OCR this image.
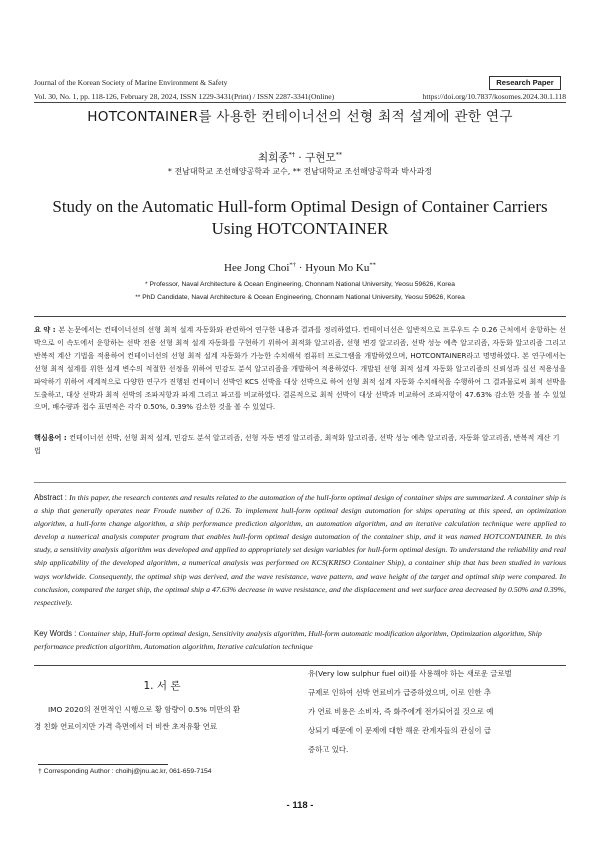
Journal of the Korean Society of Marine Environment & Safety	Research Paper
Vol. 30, No. 1, pp. 118-126, February 28, 2024, ISSN 1229-3431(Print) / ISSN 2287-3341(Online)	https://doi.org/10.7837/kosomes.2024.30.1.118
HOTCONTAINER를 사용한 컨테이너선의 선형 최적 설계에 관한 연구
최희종*† · 구현모**
* 전남대학교 조선해양공학과 교수, ** 전남대학교 조선해양공학과 박사과정
Study on the Automatic Hull-form Optimal Design of Container Carriers
Using HOTCONTAINER
Hee Jong Choi*† · Hyoun Mo Ku**
* Professor, Naval Architecture & Ocean Engineering, Chonnam National University, Yeosu 59626, Korea
** PhD Candidate, Naval Architecture & Ocean Engineering, Chonnam National University, Yeosu 59626, Korea
요 약 : 본 논문에서는 컨테이너선의 선형 최적 설계 자동화와 관련하여 연구한 내용과 결과를 정리하였다. 컨테이너선은 일반적으로 프루우드 수 0.26 근처에서 운항하는 선박으로 이 속도에서 운항하는 선박 전용 선형 최적 설계 자동화를 구현하기 위하여 최적화 알고리즘, 선형 변경 알고리즘, 선박 성능 예측 알고리즘, 자동화 알고리즘 그리고 반복적 계산 기법을 적용하여 컨테이너선의 선형 최적 설계 자동화가 가능한 수치해석 컴퓨터 프로그램을 개발하였으며, HOTCONTAINER라고 명명하였다. 본 연구에서는 선형 최적 설계를 위한 설계 변수의 적절한 선정을 위하여 민감도 분석 알고리즘을 개발하여 적용하였다. 개발된 선형 최적 설계 자동화 알고리즘의 신뢰성과 실선 적용성을 파악하기 위하여 세계적으로 다양한 연구가 진행된 컨테이너 선박인 KCS 선박을 대상 선박으로 하여 선형 최적 설계 자동화 수치해석을 수행하여 그 결과물로써 최적 선박을 도출하고, 대상 선박과 최적 선박의 조파저항과 파계 그리고 파고를 비교하였다. 결론적으로 최적 선박이 대상 선박과 비교하여 조파저항이 47.63% 감소한 것을 볼 수 있었으며, 배수량과 접수 표면적은 각각 0.50%, 0.39% 감소한 것을 볼 수 있었다.
핵심용어 : 컨테이너선 선박, 선형 최적 설계, 민감도 분석 알고리즘, 선형 자동 변경 알고리즘, 최적화 알고리즘, 선박 성능 예측 알고리즘, 자동화 알고리즘, 반복적 계산 기법
Abstract : In this paper, the research contents and results related to the automation of the hull-form optimal design of container ships are summarized. A container ship is a ship that generally operates near Froude number of 0.26. To implement hull-form optimal design automation for ships operating at this speed, an optimization algorithm, a hull-form change algorithm, a ship performance prediction algorithm, an automation algorithm, and an iterative calculation technique were applied to develop a numerical analysis computer program that enables hull-form optimal design automation of the container ship, and it was named HOTCONTAINER. In this study, a sensitivity analysis algorithm was developed and applied to appropriately set design variables for hull-form optimal design. To understand the reliability and real ship applicability of the developed algorithm, a numerical analysis was performed on KCS(KRISO Container Ship), a container ship that has been studied in various ways worldwide. Consequently, the optimal ship was derived, and the wave resistance, wave pattern, and wave height of the target and optimal ship were compared. In conclusion, compared the target ship, the optimal ship a 47.63% decrease in wave resistance, and the displacement and wet surface area decreased by 0.50% and 0.39%, respectively.
Key Words : Container ship, Hull-form optimal design, Sensitivity analysis algorithm, Hull-form automatic modification algorithm, Optimization algorithm, Ship performance prediction algorithm, Automation algorithm, Iterative calculation technique
1. 서 론
IMO 2020의 전면적인 시행으로 황 함량이 0.5% 미만의 환
경 친화 연료이지만 가격 측면에서 더 비싼 초저유황 연료
유(Very low sulphur fuel oil)를 사용해야 하는 새로운 글로벌
규제로 인하여 선박 연료비가 급증하였으며, 이로 인한 추
가 연료 비용은 소비자, 즉 화주에게 전가되어질 것으로 예
상되기 때문에 이 문제에 대한 해운 관계자들의 관심이 급
증하고 있다.
† Corresponding Author : choihj@jnu.ac.kr, 061-659-7154
- 118 -
